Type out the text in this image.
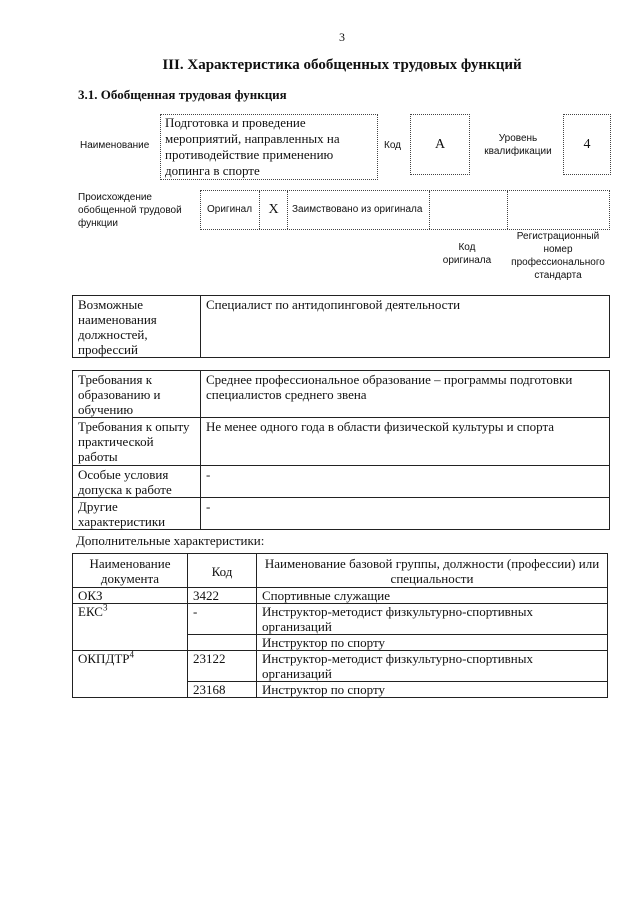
3
III. Характеристика обобщенных трудовых функций
3.1. Обобщенная трудовая функция
Наименование
Подготовка и проведение мероприятий, направленных на противодействие применению допинга в спорте
Код	A	Уровень квалификации	4
Происхождение обобщенной трудовой функции
Оригинал	X	Заимствовано из оригинала
Код оригинала
Регистрационный номер профессионального стандарта
Возможные наименования должностей, профессий	Специалист по антидопинговой деятельности
Требования к образованию и обучению	Среднее профессиональное образование – программы подготовки специалистов среднего звена
Требования к опыту практической работы	Не менее одного года в области физической культуры и спорта
Особые условия допуска к работе	-
Другие характеристики	-
Дополнительные характеристики:
Наименование документа	Код	Наименование базовой группы, должности (профессии) или специальности
ОКЗ	3422	Спортивные служащие
ЕКС$^3$	-	Инструктор-методист физкультурно-спортивных организаций
		Инструктор по спорту
ОКПДТР$^4$	23122	Инструктор-методист физкультурно-спортивных организаций
	23168	Инструктор по спорту
